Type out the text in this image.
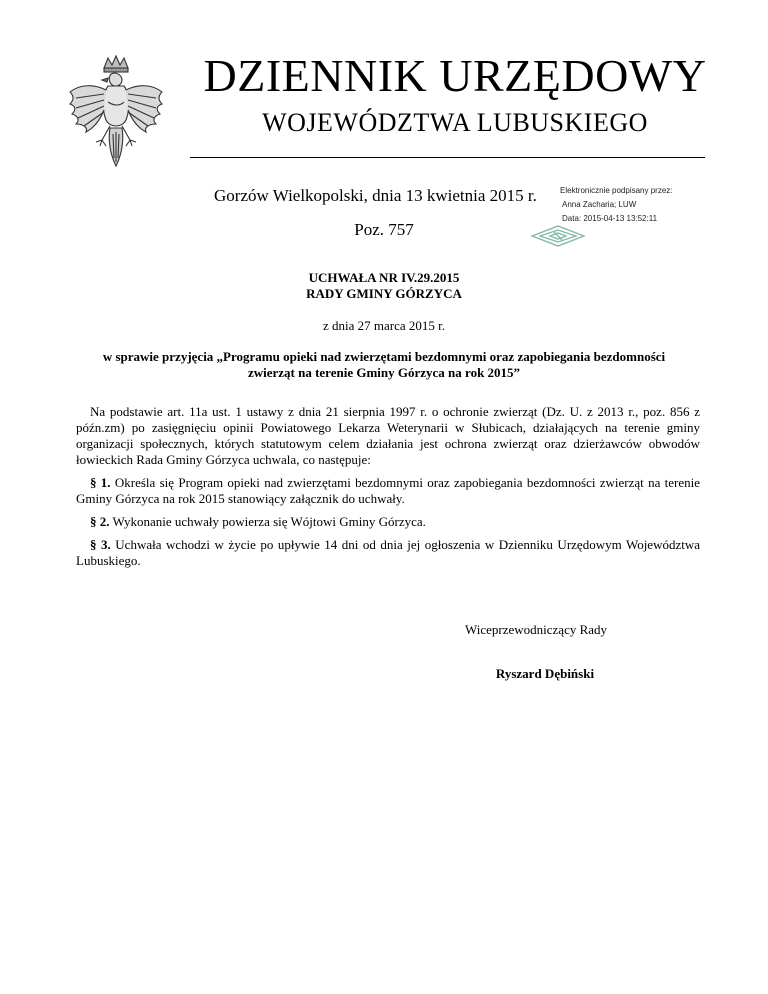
DZIENNIK URZĘDOWY
WOJEWÓDZTWA LUBUSKIEGO
Gorzów Wielkopolski, dnia 13 kwietnia 2015 r.	Elektronicznie podpisany przez:
Anna Zacharia; LUW
Data: 2015-04-13 13:52:11
Poz. 757
UCHWAŁA NR IV.29.2015
RADY GMINY GÓRZYCA
z dnia 27 marca 2015 r.
w sprawie przyjęcia „Programu opieki nad zwierzętami bezdomnymi oraz zapobiegania bezdomności zwierząt na terenie Gminy Górzyca na rok 2015”

Na podstawie art. 11a ust. 1 ustawy z dnia 21 sierpnia 1997 r. o ochronie zwierząt (Dz. U. z 2013 r., poz. 856 z późn.zm) po zasięgnięciu opinii Powiatowego Lekarza Weterynarii w Słubicach, działających na terenie gminy organizacji społecznych, których statutowym celem działania jest ochrona zwierząt oraz dzierżawców obwodów łowieckich Rada Gminy Górzyca uchwala, co następuje:

§ 1. Określa się Program opieki nad zwierzętami bezdomnymi oraz zapobiegania bezdomności zwierząt na terenie Gminy Górzyca na rok 2015 stanowiący załącznik do uchwały.

§ 2. Wykonanie uchwały powierza się Wójtowi Gminy Górzyca.

§ 3. Uchwała wchodzi w życie po upływie 14 dni od dnia jej ogłoszenia w Dzienniku Urzędowym Województwa Lubuskiego.

Wiceprzewodniczący Rady
Ryszard Dębiński
